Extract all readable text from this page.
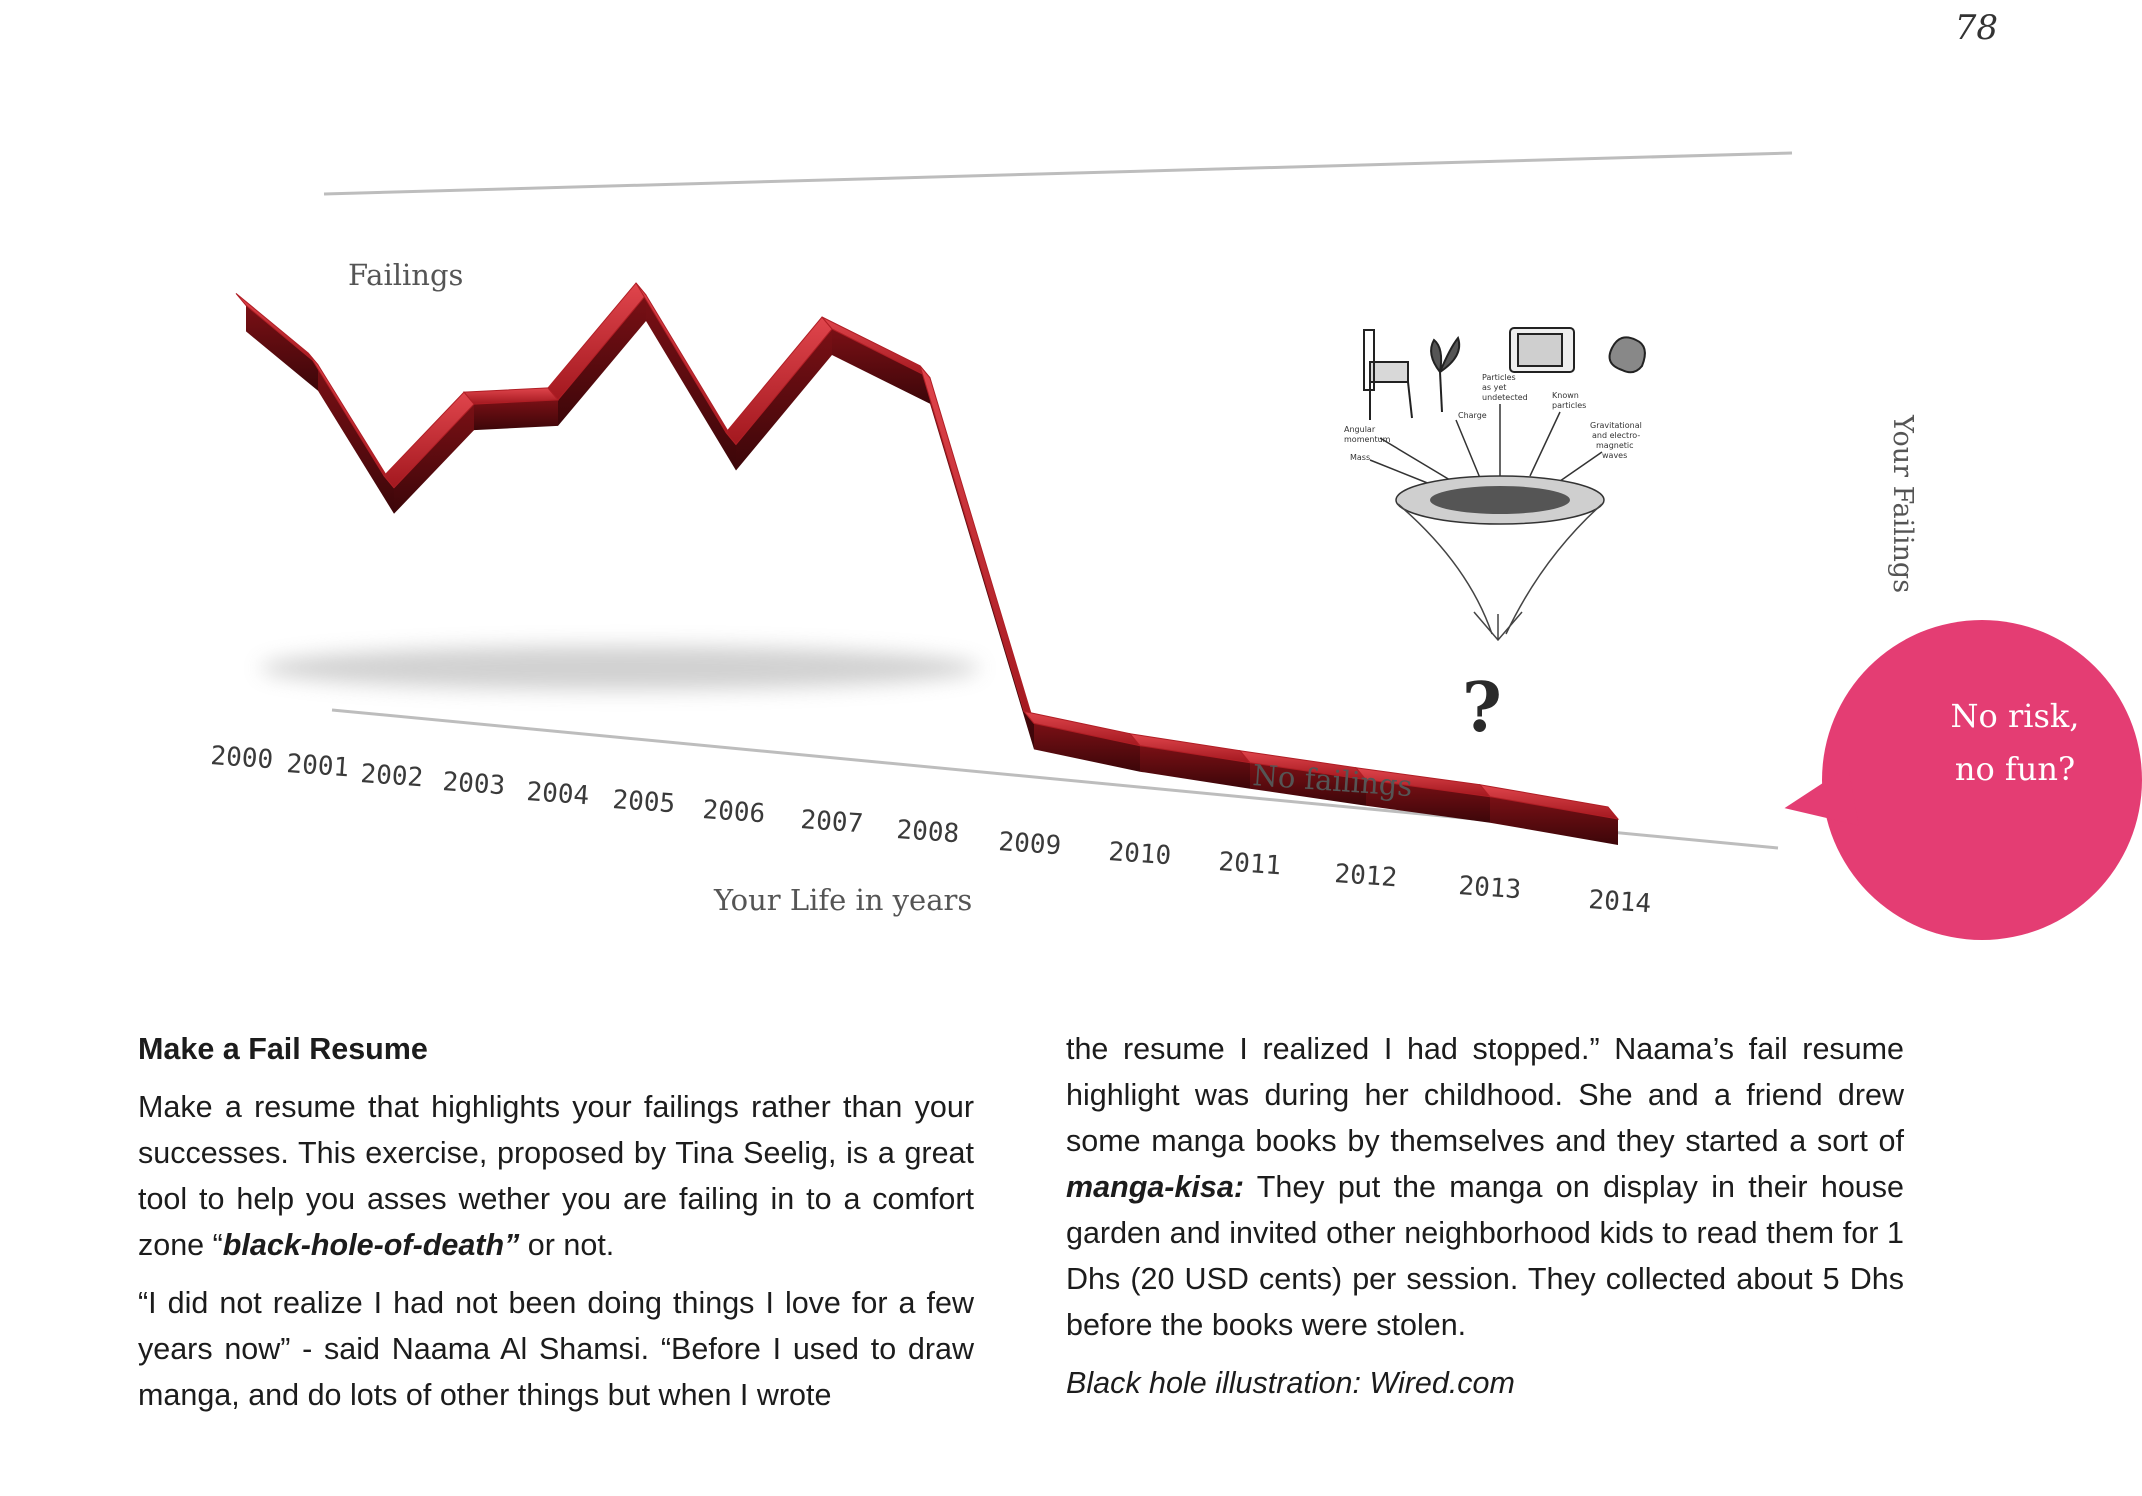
78
2000 2001 2002 2003 2004 2005 2006 2007 2008 2009 2010 2011 2012 2013	2014
Failings
Your Life in years
No failings
Your Failings
Angular
momentum
Mass
Charge
Particles
as yet
undetected	Known
particles
Gravitational
and electro-
magnetic
waves
?	No risk,
no fun?
Make a Fail Resume

Make a resume that highlights your failings rather than your successes. This exercise, proposed by Tina Seelig, is a great tool to help you asses wether you are failing in to a comfort zone “black-hole-of-death” or not.

“I did not realize I had not been doing things I love for a few years now” - said Naama Al Shamsi. “Before I used to draw manga, and do lots of other things but when I wrote

the resume I realized I had stopped.” Naama’s fail resume highlight was during her childhood. She and a friend drew some manga books by themselves and they started a sort of manga-kisa: They put the manga on display in their house garden and invited other neighborhood kids to read them for 1 Dhs (20 USD cents) per session. They collected about 5 Dhs before the books were stolen.

Black hole illustration: Wired.com
